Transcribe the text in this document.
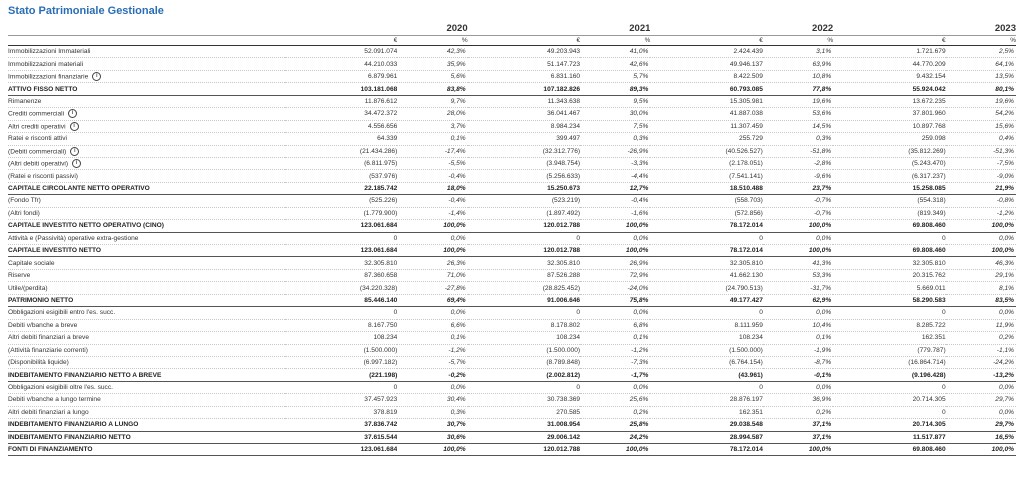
Stato Patrimoniale Gestionale
	2020		2021		2022		2023	
	€	%	€	%	€	%	€	%
Immobilizzazioni Immateriali	52.091.074	42,3%	49.203.943	41,0%	2.424.439	3,1%	1.721.679	2,5%
Immobilizzazioni materiali	44.210.033	35,9%	51.147.723	42,6%	49.946.137	63,9%	44.770.209	64,1%
Immobilizzazioni finanziarie i	6.879.961	5,6%	6.831.160	5,7%	8.422.509	10,8%	9.432.154	13,5%
ATTIVO FISSO NETTO	103.181.068	83,8%	107.182.826	89,3%	60.793.085	77,8%	55.924.042	80,1%
Rimanenze	11.876.612	9,7%	11.343.638	9,5%	15.305.981	19,6%	13.672.235	19,6%
Crediti commerciali i	34.472.372	28,0%	36.041.467	30,0%	41.887.038	53,6%	37.801.960	54,2%
Altri crediti operativi i	4.556.656	3,7%	8.984.234	7,5%	11.307.459	14,5%	10.897.768	15,6%
Ratei e risconti attivi	64.339	0,1%	399.497	0,3%	255.729	0,3%	259.098	0,4%
(Debiti commerciali) i	(21.434.286)	-17,4%	(32.312.776)	-26,9%	(40.526.527)	-51,8%	(35.812.269)	-51,3%
(Altri debiti operativi) i	(6.811.975)	-5,5%	(3.948.754)	-3,3%	(2.178.051)	-2,8%	(5.243.470)	-7,5%
(Ratei e risconti passivi)	(537.976)	-0,4%	(5.256.633)	-4,4%	(7.541.141)	-9,6%	(6.317.237)	-9,0%
CAPITALE CIRCOLANTE NETTO OPERATIVO	22.185.742	18,0%	15.250.673	12,7%	18.510.488	23,7%	15.258.085	21,9%
(Fondo Tfr)	(525.226)	-0,4%	(523.219)	-0,4%	(558.703)	-0,7%	(554.318)	-0,8%
(Altri fondi)	(1.779.900)	-1,4%	(1.897.492)	-1,6%	(572.856)	-0,7%	(819.349)	-1,2%
CAPITALE INVESTITO NETTO OPERATIVO (CINO)	123.061.684	100,0%	120.012.788	100,0%	78.172.014	100,0%	69.808.460	100,0%
Attività e (Passività) operative extra-gestione	0	0,0%	0	0,0%	0	0,0%	0	0,0%
CAPITALE INVESTITO NETTO	123.061.684	100,0%	120.012.788	100,0%	78.172.014	100,0%	69.808.460	100,0%
Capitale sociale	32.305.810	26,3%	32.305.810	26,9%	32.305.810	41,3%	32.305.810	46,3%
Riserve	87.360.658	71,0%	87.526.288	72,9%	41.662.130	53,3%	20.315.762	29,1%
Utile/(perdita)	(34.220.328)	-27,8%	(28.825.452)	-24,0%	(24.790.513)	-31,7%	5.669.011	8,1%
PATRIMONIO NETTO	85.446.140	69,4%	91.006.646	75,8%	49.177.427	62,9%	58.290.583	83,5%
Obbligazioni esigibili entro l'es. succ.	0	0,0%	0	0,0%	0	0,0%	0	0,0%
Debiti v/banche a breve	8.167.750	6,6%	8.178.802	6,8%	8.111.959	10,4%	8.285.722	11,9%
Altri debiti finanziari a breve	108.234	0,1%	108.234	0,1%	108.234	0,1%	162.351	0,2%
(Attività finanziarie correnti)	(1.500.000)	-1,2%	(1.500.000)	-1,2%	(1.500.000)	-1,9%	(779.787)	-1,1%
(Disponibilità liquide)	(6.997.182)	-5,7%	(8.789.848)	-7,3%	(6.764.154)	-8,7%	(16.864.714)	-24,2%
INDEBITAMENTO FINANZIARIO NETTO A BREVE	(221.198)	-0,2%	(2.002.812)	-1,7%	(43.961)	-0,1%	(9.196.428)	-13,2%
Obbligazioni esigibili oltre l'es. succ.	0	0,0%	0	0,0%	0	0,0%	0	0,0%
Debiti v/banche a lungo termine	37.457.923	30,4%	30.738.369	25,6%	28.876.197	36,9%	20.714.305	29,7%
Altri debiti finanziari a lungo	378.819	0,3%	270.585	0,2%	162.351	0,2%	0	0,0%
INDEBITAMENTO FINANZIARIO A LUNGO	37.836.742	30,7%	31.008.954	25,8%	29.038.548	37,1%	20.714.305	29,7%
INDEBITAMENTO FINANZIARIO NETTO	37.615.544	30,6%	29.006.142	24,2%	28.994.587	37,1%	11.517.877	16,5%
FONTI DI FINANZIAMENTO	123.061.684	100,0%	120.012.788	100,0%	78.172.014	100,0%	69.808.460	100,0%
